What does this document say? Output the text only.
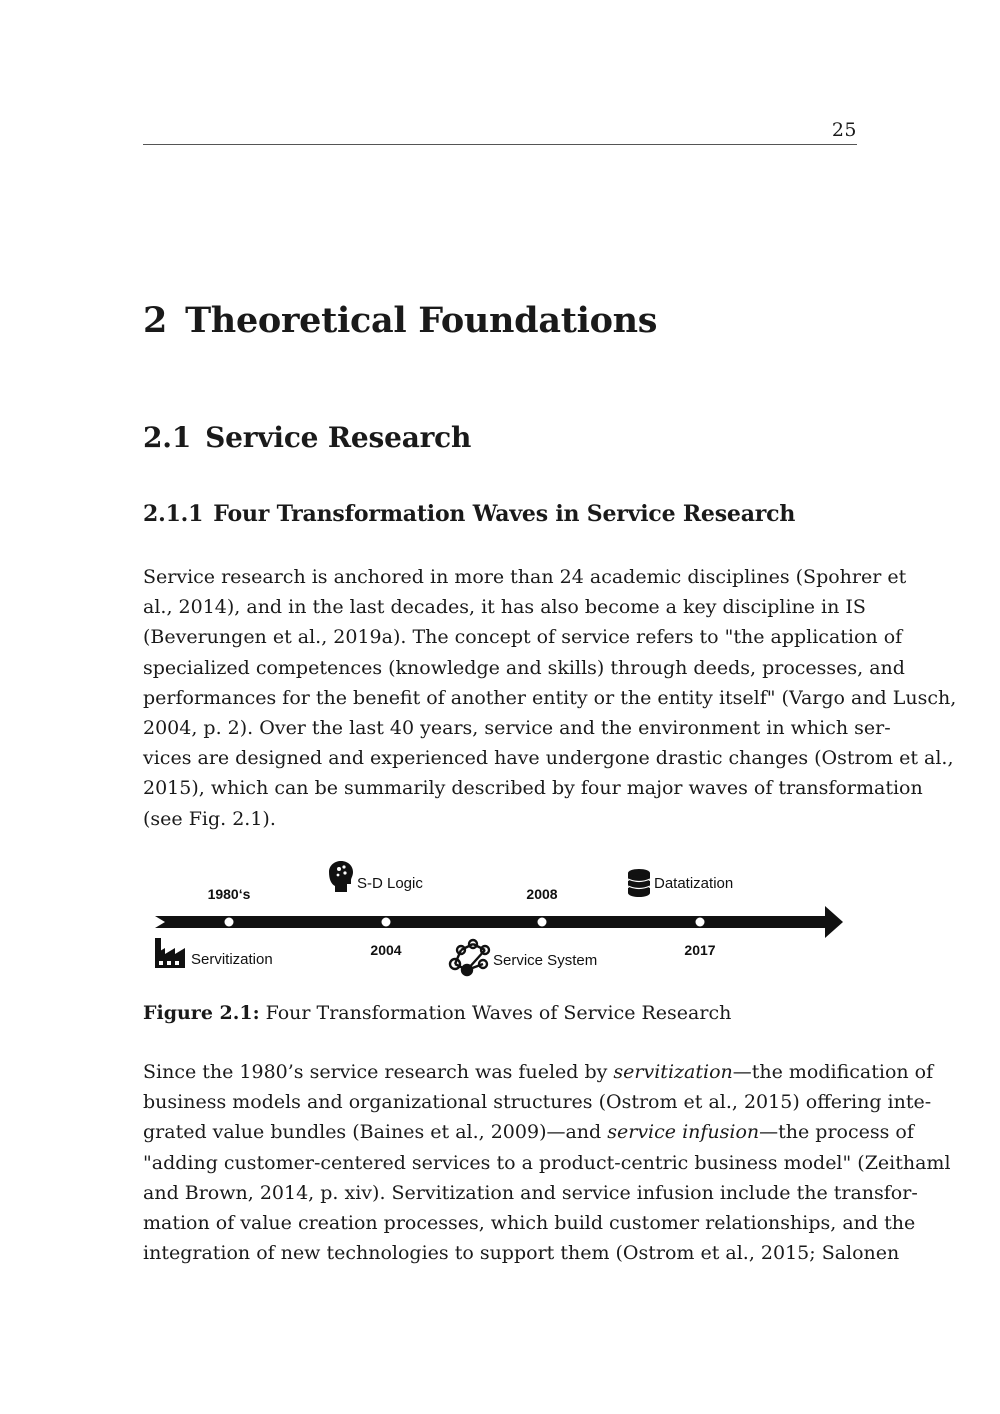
25
2 Theoretical Foundations
2.1 Service Research
2.1.1 Four Transformation Waves in Service Research

Service research is anchored in more than 24 academic disciplines (Spohrer et
al., 2014), and in the last decades, it has also become a key discipline in IS
(Beverungen et al., 2019a). The concept of service refers to "the application of
specialized competences (knowledge and skills) through deeds, processes, and
performances for the benefit of another entity or the entity itself" (Vargo and Lusch,
2004, p. 2). Over the last 40 years, service and the environment in which ser-
vices are designed and experienced have undergone drastic changes (Ostrom et al.,
2015), which can be summarily described by four major waves of transformation
(see Fig. 2.1).

1980‘s
2004
2008
2017
Servitization
S-D Logic
Service System
Datatization

Figure 2.1: Four Transformation Waves of Service Research

Since the 1980’s service research was fueled by servitization—the modification of
business models and organizational structures (Ostrom et al., 2015) offering inte-
grated value bundles (Baines et al., 2009)—and service infusion—the process of
"adding customer-centered services to a product-centric business model" (Zeithaml
and Brown, 2014, p. xiv). Servitization and service infusion include the transfor-
mation of value creation processes, which build customer relationships, and the
integration of new technologies to support them (Ostrom et al., 2015; Salonen
